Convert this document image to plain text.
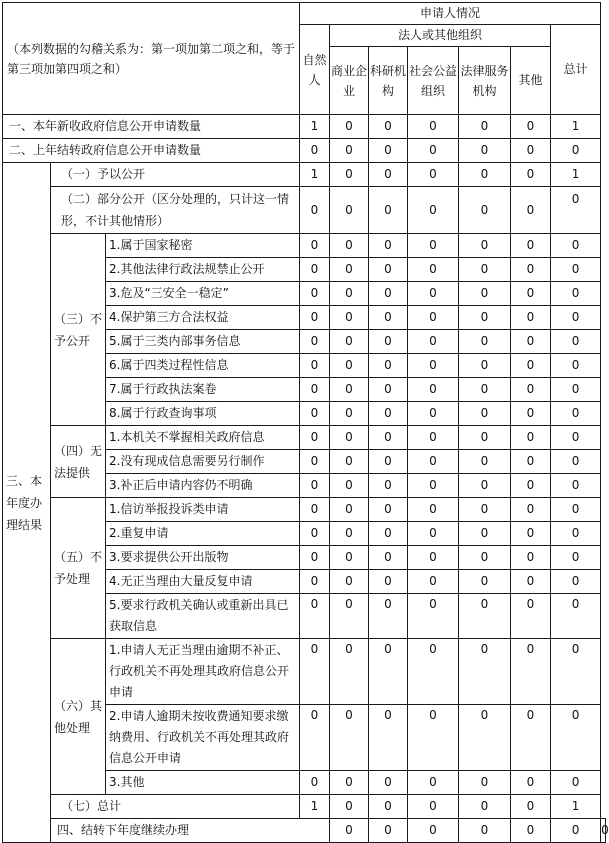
（本列数据的勾稽关系为：第一项加第二项之和，等于第三项加第四项之和）			申请人情况							
			自然人	法人或其他组织					总计	
				商业企业	科研机构	社会公益组织	法律服务机构	其他		
一、本年新收政府信息公开申请数量			1	0	0	0	0	0	1	
二、上年结转政府信息公开申请数量			0	0	0	0	0	0	0	
三、本年度办理结果	（一）予以公开		1	0	0	0	0	0	1	
	（二）部分公开（区分处理的，只计这一情形，不计其他情形）		0	0	0	0	0	0	0	
	（三）不予公开	1.属于国家秘密	0	0	0	0	0	0	0	
		2.其他法律行政法规禁止公开	0	0	0	0	0	0	0	
		3.危及“三安全一稳定”	0	0	0	0	0	0	0	
		4.保护第三方合法权益	0	0	0	0	0	0	0	
		5.属于三类内部事务信息	0	0	0	0	0	0	0	
		6.属于四类过程性信息	0	0	0	0	0	0	0	
		7.属于行政执法案卷	0	0	0	0	0	0	0	
		8.属于行政查询事项	0	0	0	0	0	0	0	
	（四）无法提供	1.本机关不掌握相关政府信息	0	0	0	0	0	0	0	
		2.没有现成信息需要另行制作	0	0	0	0	0	0	0	
		3.补正后申请内容仍不明确	0	0	0	0	0	0	0	
	（五）不予处理	1.信访举报投诉类申请	0	0	0	0	0	0	0	
		2.重复申请	0	0	0	0	0	0	0	
		3.要求提供公开出版物	0	0	0	0	0	0	0	
		4.无正当理由大量反复申请	0	0	0	0	0	0	0	
		5.要求行政机关确认或重新出具已获取信息	0	0	0	0	0	0	0	
	（六）其他处理	1.申请人无正当理由逾期不补正、行政机关不再处理其政府信息公开申请	0	0	0	0	0	0	0	
		2.申请人逾期未按收费通知要求缴纳费用、行政机关不再处理其政府信息公开申请	0	0	0	0	0	0	0	
		3.其他	0	0	0	0	0	0	0	
	（七）总计		1	0	0	0	0	0	1	
	四、结转下年度继续办理			0	0	0	0	0	0	0
